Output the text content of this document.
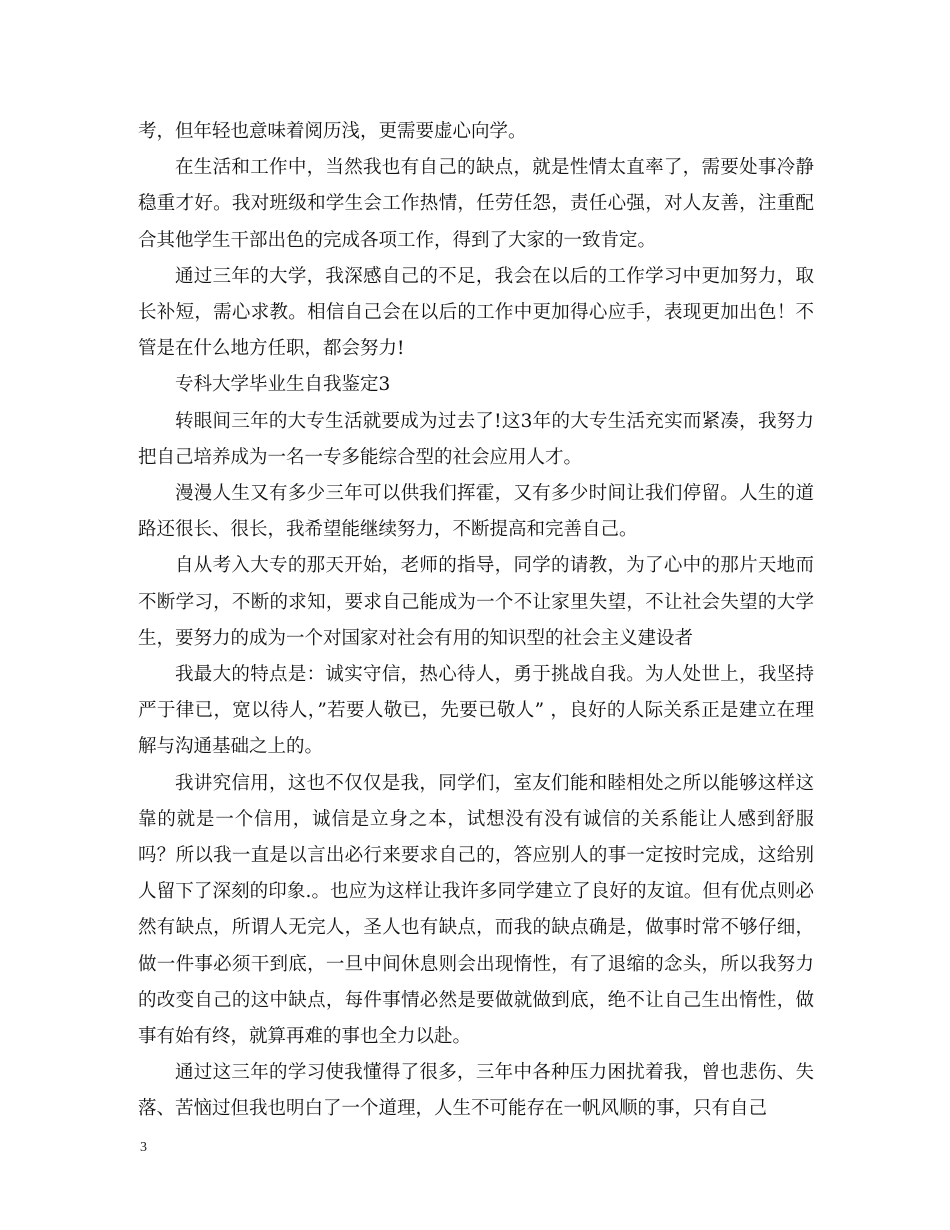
考，但年轻也意味着阅历浅，更需要虚心向学。

在生活和工作中，当然我也有自己的缺点，就是性情太直率了，需要处事冷静稳重才好。我对班级和学生会工作热情，任劳任怨，责任心强，对人友善，注重配合其他学生干部出色的完成各项工作，得到了大家的一致肯定。

通过三年的大学，我深感自己的不足，我会在以后的工作学习中更加努力，取长补短，需心求教。相信自己会在以后的工作中更加得心应手，表现更加出色！不管是在什么地方任职，都会努力!

专科大学毕业生自我鉴定3

转眼间三年的大专生活就要成为过去了!这3年的大专生活充实而紧凑，我努力把自己培养成为一名一专多能综合型的社会应用人才。

漫漫人生又有多少三年可以供我们挥霍，又有多少时间让我们停留。人生的道路还很长、很长，我希望能继续努力，不断提高和完善自己。

自从考入大专的那天开始，老师的指导，同学的请教，为了心中的那片天地而不断学习，不断的求知，要求自己能成为一个不让家里失望，不让社会失望的大学生，要努力的成为一个对国家对社会有用的知识型的社会主义建设者

我最大的特点是：诚实守信，热心待人，勇于挑战自我。为人处世上，我坚持严于律已，宽以待人，”若要人敬已，先要已敬人” ，良好的人际关系正是建立在理解与沟通基础之上的。

我讲究信用，这也不仅仅是我，同学们，室友们能和睦相处之所以能够这样这靠的就是一个信用，诚信是立身之本，试想没有没有诚信的关系能让人感到舒服吗？所以我一直是以言出必行来要求自己的，答应别人的事一定按时完成，这给别人留下了深刻的印象.。也应为这样让我许多同学建立了良好的友谊。但有优点则必然有缺点，所谓人无完人，圣人也有缺点，而我的缺点确是，做事时常不够仔细，做一件事必须干到底，一旦中间休息则会出现惰性，有了退缩的念头，所以我努力的改变自己的这中缺点，每件事情必然是要做就做到底，绝不让自己生出惰性，做事有始有终，就算再难的事也全力以赴。

通过这三年的学习使我懂得了很多，三年中各种压力困扰着我，曾也悲伤、失落、苦恼过但我也明白了一个道理，人生不可能存在一帆风顺的事，只有自己

3
